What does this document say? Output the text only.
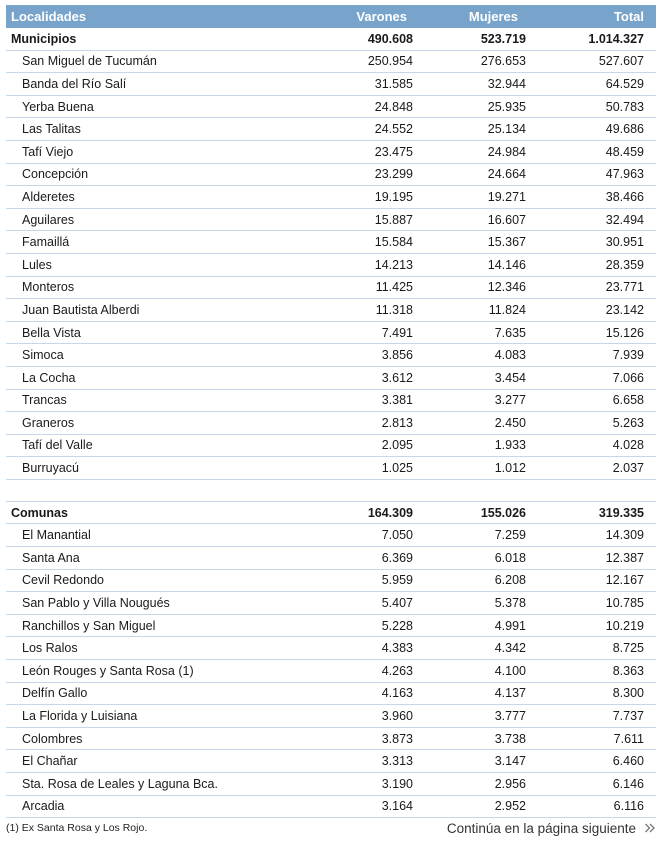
Localidades	Varones	Mujeres	Total
Municipios	490.608	523.719	1.014.327
San Miguel de Tucumán	250.954	276.653	527.607
Banda del Río Salí	31.585	32.944	64.529
Yerba Buena	24.848	25.935	50.783
Las Talitas	24.552	25.134	49.686
Tafí Viejo	23.475	24.984	48.459
Concepción	23.299	24.664	47.963
Alderetes	19.195	19.271	38.466
Aguilares	15.887	16.607	32.494
Famaillá	15.584	15.367	30.951
Lules	14.213	14.146	28.359
Monteros	11.425	12.346	23.771
Juan Bautista Alberdi	11.318	11.824	23.142
Bella Vista	7.491	7.635	15.126
Simoca	3.856	4.083	7.939
La Cocha	3.612	3.454	7.066
Trancas	3.381	3.277	6.658
Graneros	2.813	2.450	5.263
Tafí del Valle	2.095	1.933	4.028
Burruyacú	1.025	1.012	2.037
Comunas	164.309	155.026	319.335
El Manantial	7.050	7.259	14.309
Santa Ana	6.369	6.018	12.387
Cevil Redondo	5.959	6.208	12.167
San Pablo y Villa Nougués	5.407	5.378	10.785
Ranchillos y San Miguel	5.228	4.991	10.219
Los Ralos	4.383	4.342	8.725
León Rouges y Santa Rosa (1)	4.263	4.100	8.363
Delfín Gallo	4.163	4.137	8.300
La Florida y Luisiana	3.960	3.777	7.737
Colombres	3.873	3.738	7.611
El Chañar	3.313	3.147	6.460
Sta. Rosa de Leales y Laguna Bca.	3.190	2.956	6.146
Arcadia	3.164	2.952	6.116
(1) Ex Santa Rosa y Los Rojo.	Continúa en la página siguiente
